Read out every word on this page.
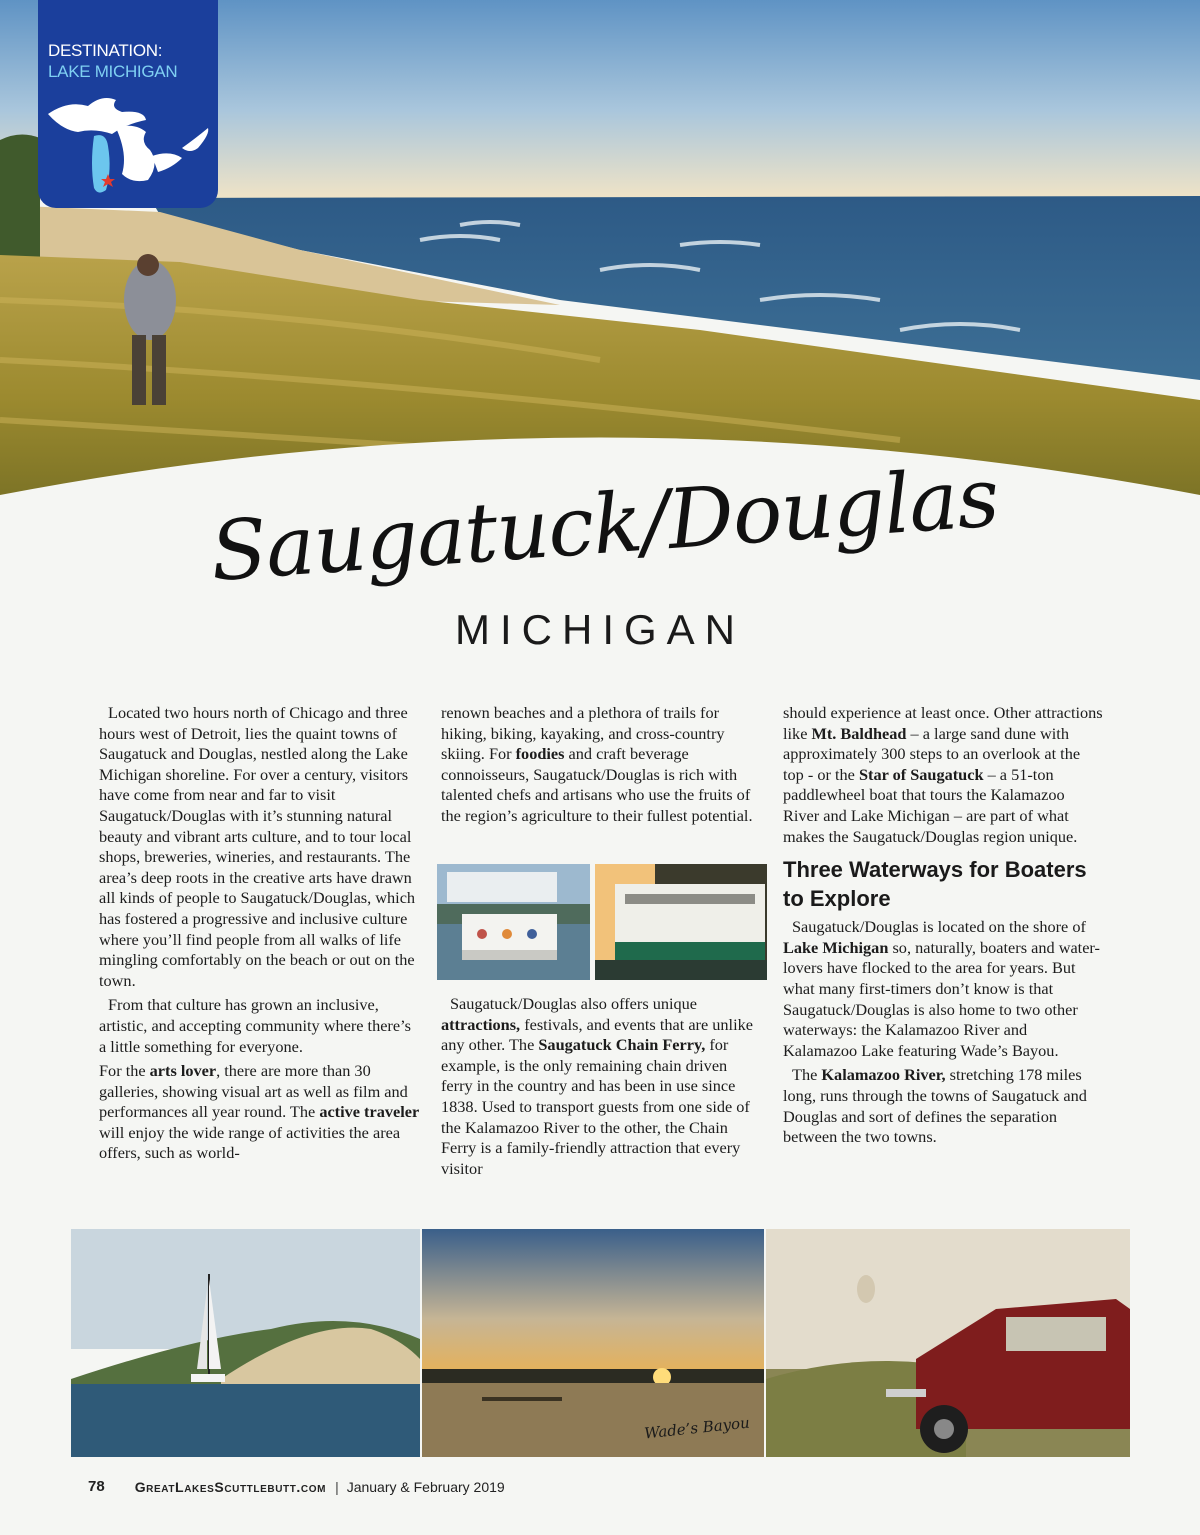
DESTINATION:
LAKE MICHIGAN
Saugatuck/Douglas
MICHIGAN

Located two hours north of Chicago and three hours west of Detroit, lies the quaint towns of Saugatuck and Douglas, nestled along the Lake Michigan shoreline. For over a century, visitors have come from near and far to visit Saugatuck/Douglas with it’s stunning natural beauty and vibrant arts culture, and to tour local shops, breweries, wineries, and restaurants. The area’s deep roots in the creative arts have drawn all kinds of people to Saugatuck/Douglas, which has fostered a progressive and inclusive culture where you’ll find people from all walks of life mingling comfortably on the beach or out on the town.

From that culture has grown an inclusive, artistic, and accepting community where there’s a little something for everyone.

For the arts lover, there are more than 30 galleries, showing visual art as well as film and performances all year round. The active traveler will enjoy the wide range of activities the area offers, such as world-

renown beaches and a plethora of trails for hiking, biking, kayaking, and cross-country skiing. For foodies and craft beverage connoisseurs, Saugatuck/Douglas is rich with talented chefs and artisans who use the fruits of the region’s agriculture to their fullest potential.

Saugatuck/Douglas also offers unique attractions, festivals, and events that are unlike any other. The Saugatuck Chain Ferry, for example, is the only remaining chain driven ferry in the country and has been in use since 1838. Used to transport guests from one side of the Kalamazoo River to the other, the Chain Ferry is a family-friendly attraction that every visitor

should experience at least once. Other attractions like Mt. Baldhead – a large sand dune with approximately 300 steps to an overlook at the top - or the Star of Saugatuck – a 51-ton paddlewheel boat that tours the Kalamazoo River and Lake Michigan – are part of what makes the Saugatuck/Douglas region unique.

Three Waterways for Boaters to Explore

Saugatuck/Douglas is located on the shore of Lake Michigan so, naturally, boaters and water-lovers have flocked to the area for years. But what many first-timers don’t know is that Saugatuck/Douglas is also home to two other waterways: the Kalamazoo River and Kalamazoo Lake featuring Wade’s Bayou.

The Kalamazoo River, stretching 178 miles long, runs through the towns of Saugatuck and Douglas and sort of defines the separation between the two towns.

Wade’s Bayou
78 GreatLakesScuttlebutt.com | January & February 2019
